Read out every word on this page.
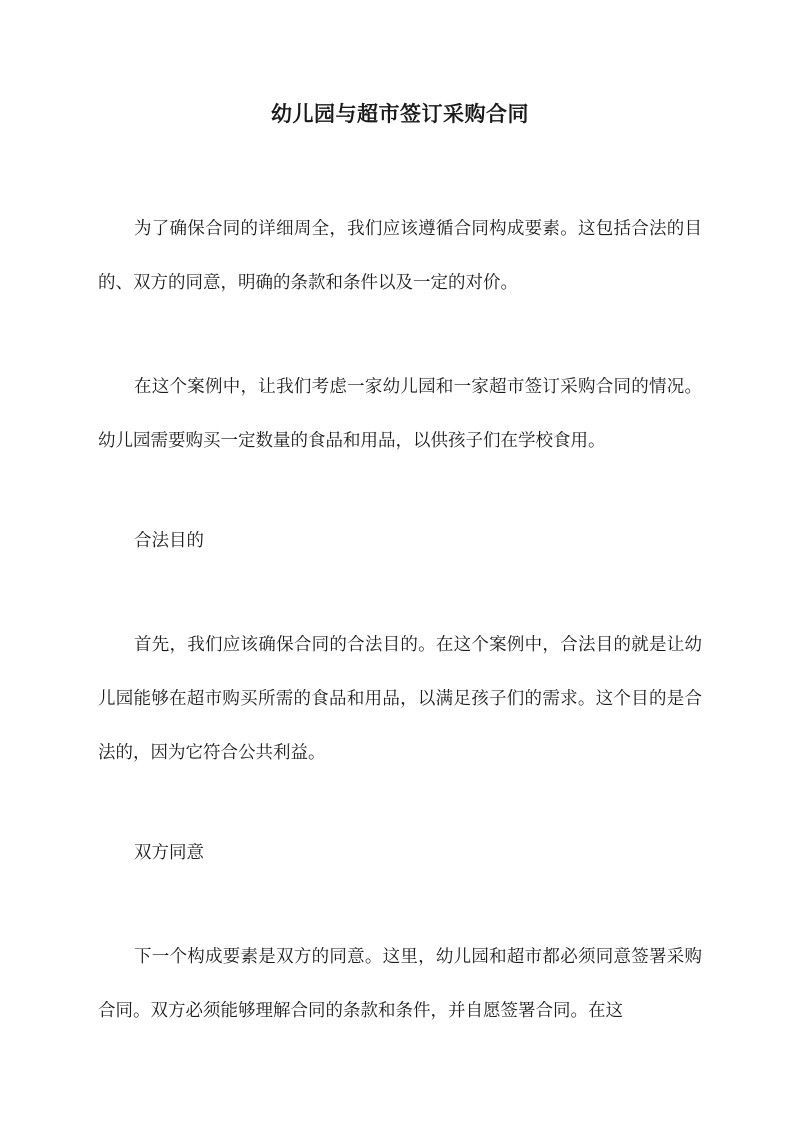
幼儿园与超市签订采购合同
为了确保合同的详细周全，我们应该遵循合同构成要素。这包括合法的目的、双方的同意，明确的条款和条件以及一定的对价。
在这个案例中，让我们考虑一家幼儿园和一家超市签订采购合同的情况。幼儿园需要购买一定数量的食品和用品，以供孩子们在学校食用。
合法目的
首先，我们应该确保合同的合法目的。在这个案例中，合法目的就是让幼儿园能够在超市购买所需的食品和用品，以满足孩子们的需求。这个目的是合法的，因为它符合公共利益。
双方同意
下一个构成要素是双方的同意。这里，幼儿园和超市都必须同意签署采购合同。双方必须能够理解合同的条款和条件，并自愿签署合同。在这
